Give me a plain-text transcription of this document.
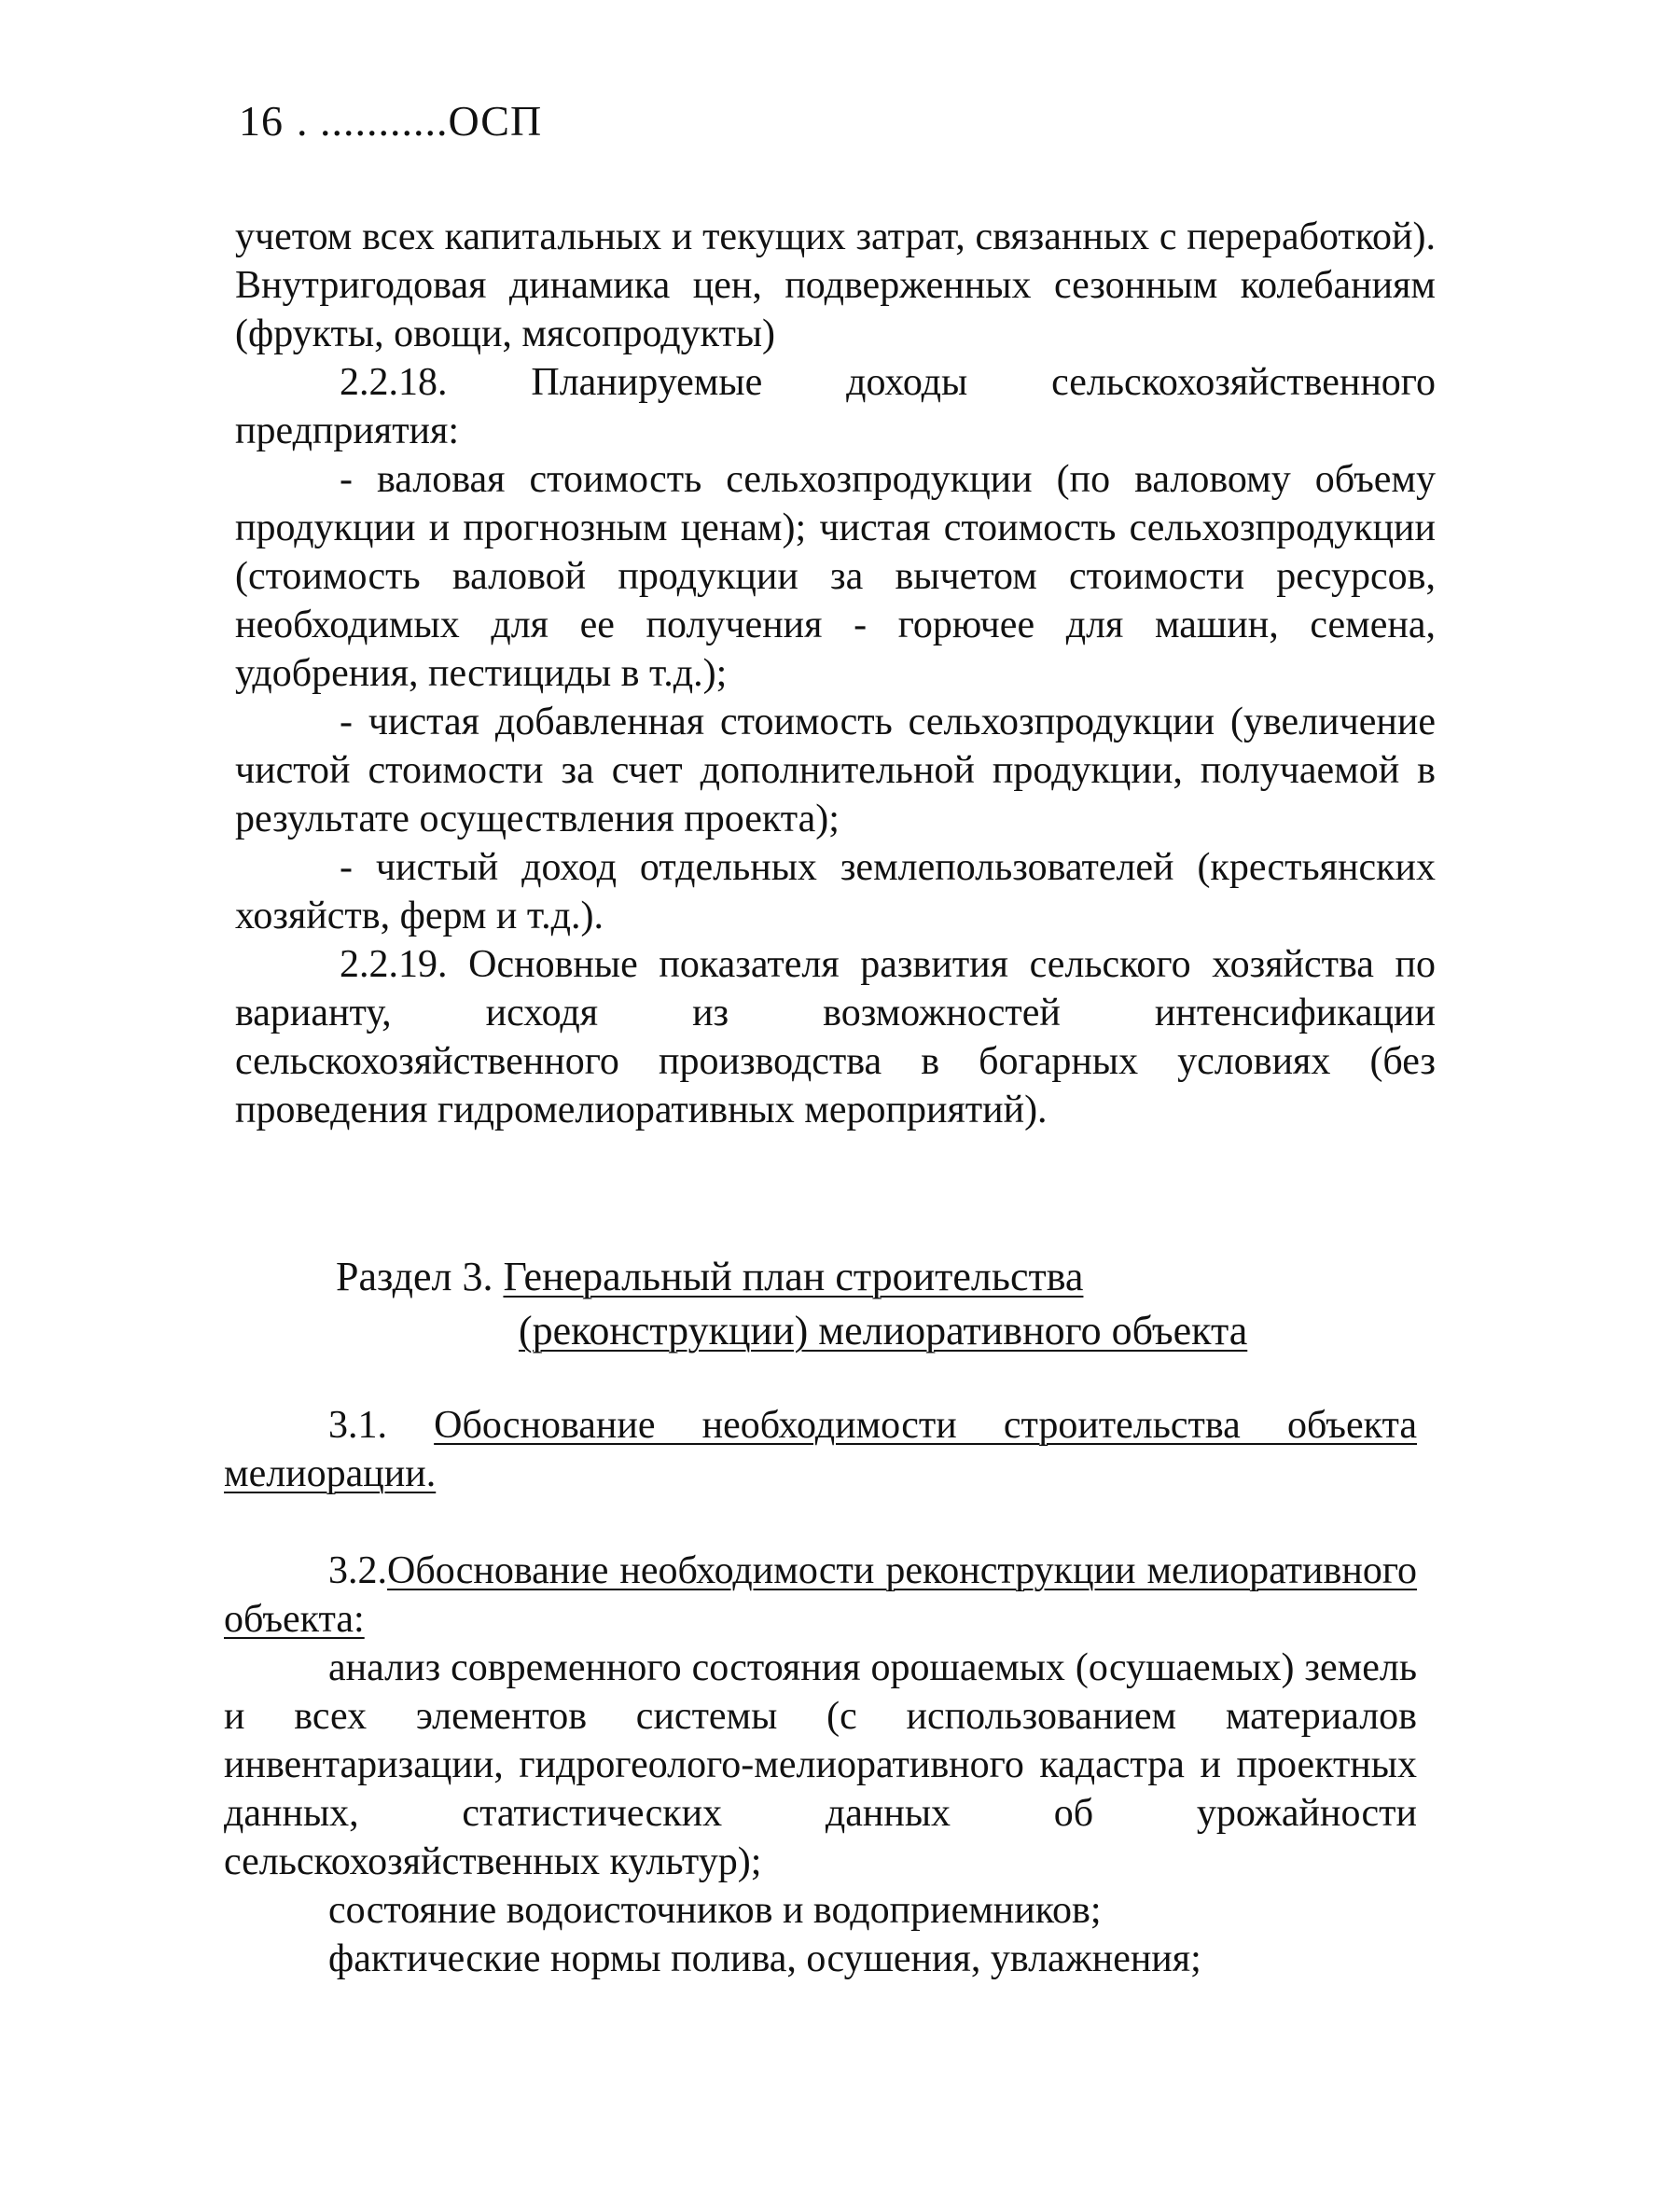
16 . ...........ОСП

учетом всех капитальных и текущих затрат, связанных с переработкой). Внутригодовая динамика цен, подверженных сезонным колебаниям (фрукты, овощи, мясопродукты)

2.2.18. Планируемые доходы сельскохозяйственного предприятия:

- валовая стоимость сельхозпродукции (по валовому объему продукции и прогнозным ценам); чистая стоимость сельхозпродукции (стоимость валовой продукции за вычетом стоимости ресурсов, необходимых для ее получения - горючее для машин, семена, удобрения, пестициды в т.д.);

- чистая добавленная стоимость сельхозпродукции (увеличение чистой стоимости за счет дополнительной продукции, получаемой в результате осуществления проекта);

- чистый доход отдельных землепользователей (крестьянских хозяйств, ферм и т.д.).

2.2.19. Основные показателя развития сельского хозяйства по варианту, исходя из возможностей интенсификации сельскохозяйственного производства в богарных условиях (без проведения гидромелиоративных мероприятий).

Раздел 3. Генеральный план строительства
(реконструкции) мелиоративного объекта

3.1. Обоснование необходимости строительства объекта мелиорации.

3.2.Обоснование необходимости реконструкции мелиоративного объекта:

анализ современного состояния орошаемых (осушаемых) земель и всех элементов системы (с использованием материалов инвентаризации, гидрогеолого-мелиоративного кадастра и проектных данных, статистических данных об урожайности сельскохозяйственных культур);

состояние водоисточников и водоприемников;

фактические нормы полива, осушения, увлажнения;
